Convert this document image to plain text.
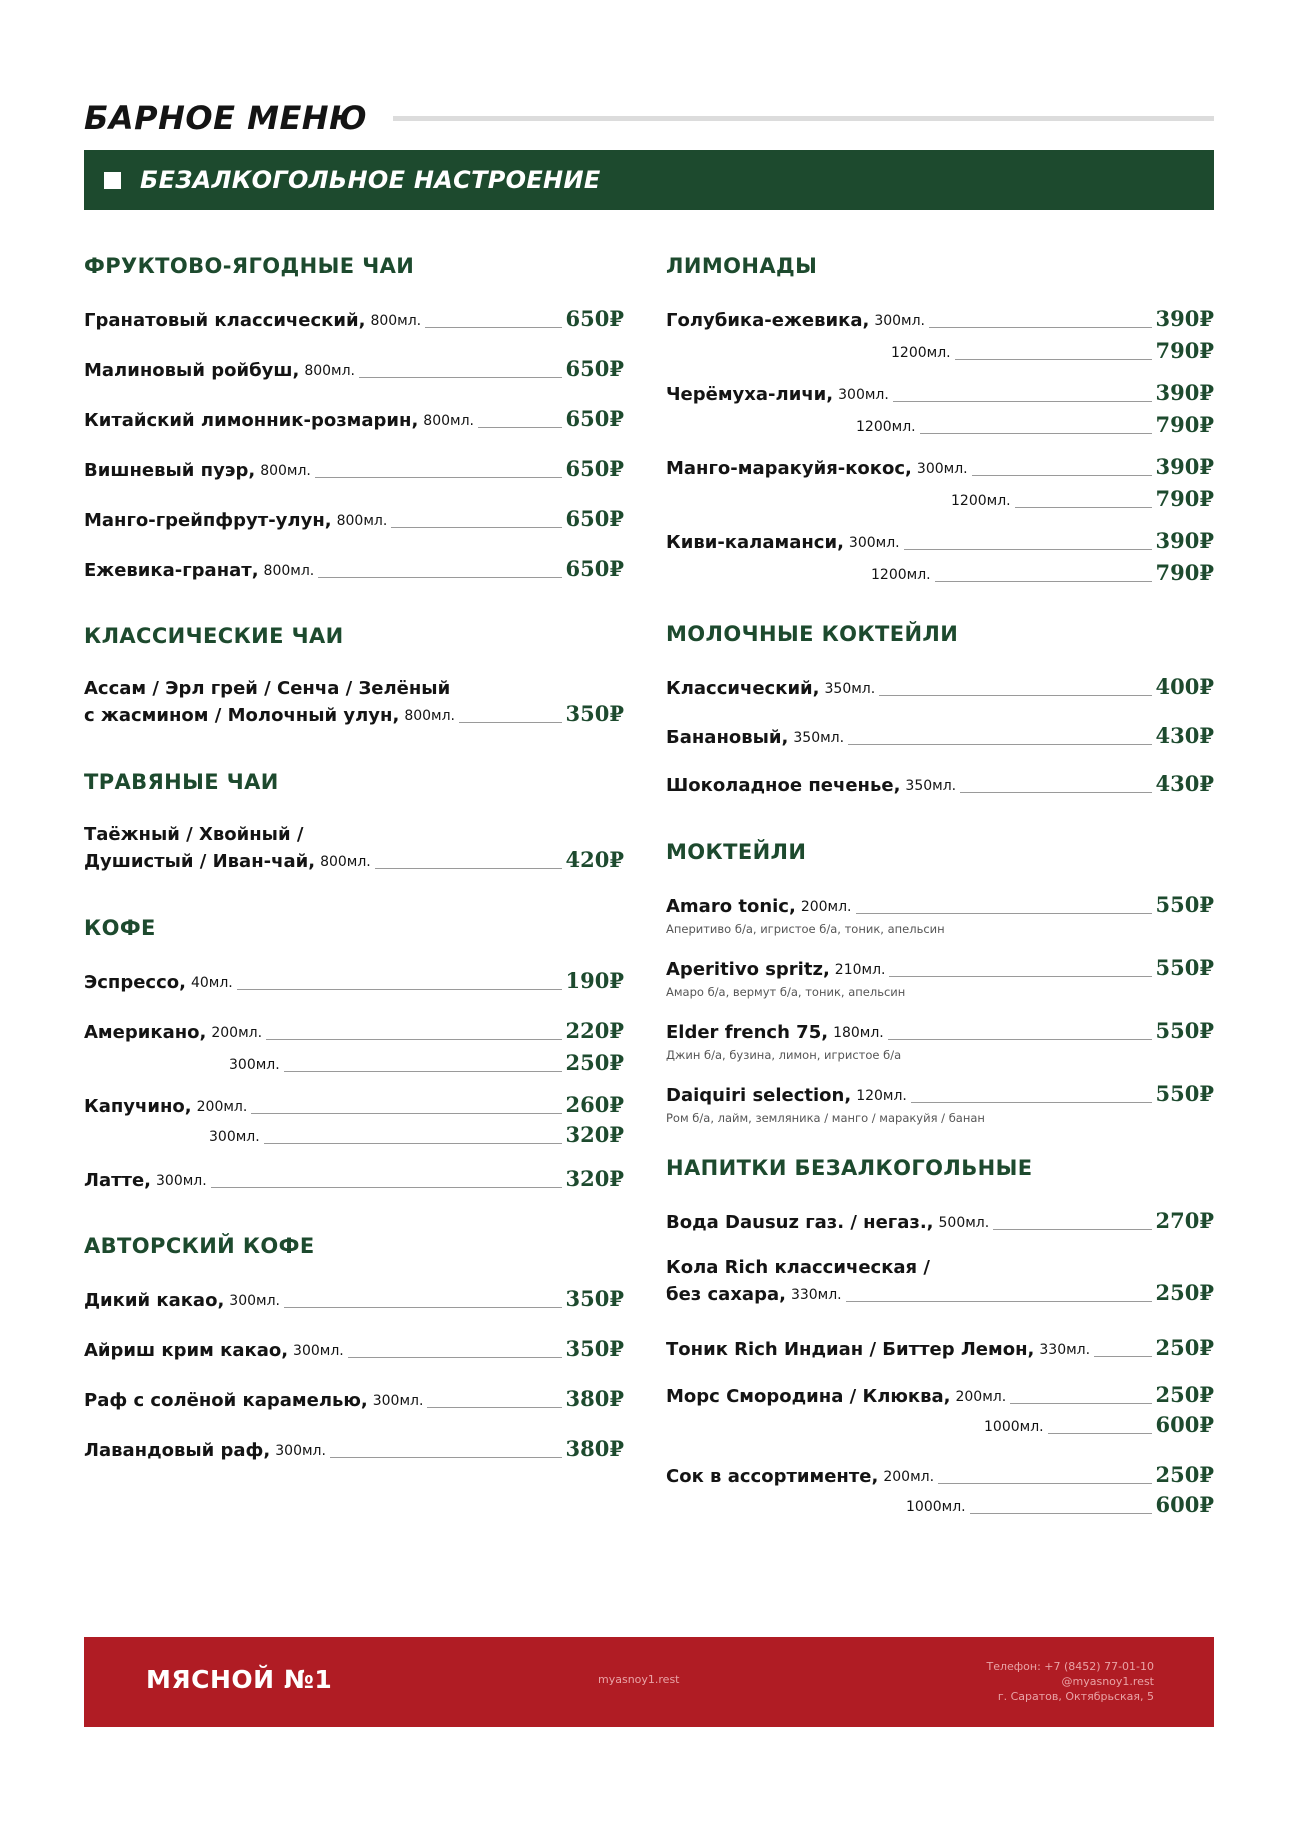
БАРНОЕ МЕНЮ
БЕЗАЛКОГОЛЬНОЕ НАСТРОЕНИЕ
ФРУКТОВО-ЯГОДНЫЕ ЧАИ
Гранатовый классический, 800мл.	650₽
Малиновый ройбуш, 800мл.	650₽
Китайский лимонник-розмарин, 800мл.	650₽
Вишневый пуэр, 800мл.	650₽
Манго-грейпфрут-улун, 800мл.	650₽
Ежевика-гранат, 800мл.	650₽
КЛАССИЧЕСКИЕ ЧАИ
Ассам / Эрл грей / Сенча / Зелёный
с жасмином / Молочный улун, 800мл.	350₽
ТРАВЯНЫЕ ЧАИ
Таёжный / Хвойный /
Душистый / Иван-чай, 800мл.	420₽
КОФЕ
Эспрессо, 40мл.	190₽
Американо, 200мл.	220₽
300мл.	250₽
Капучино, 200мл.	260₽
300мл.	320₽
Латте, 300мл.	320₽
АВТОРСКИЙ КОФЕ
Дикий какао, 300мл.	350₽
Айриш крим какао, 300мл.	350₽
Раф с солёной карамелью, 300мл.	380₽
Лавандовый раф, 300мл.	380₽
ЛИМОНАДЫ
Голубика-ежевика, 300мл.	390₽
1200мл.	790₽
Черёмуха-личи, 300мл.	390₽
1200мл.	790₽
Манго-маракуйя-кокос, 300мл.	390₽
1200мл.	790₽
Киви-каламанси, 300мл.	390₽
1200мл.	790₽
МОЛОЧНЫЕ КОКТЕЙЛИ
Классический, 350мл.	400₽
Банановый, 350мл.	430₽
Шоколадное печенье, 350мл.	430₽
МОКТЕЙЛИ
Amaro tonic, 200мл.	550₽
Аперитиво б/а, игристое б/а, тоник, апельсин
Aperitivo spritz, 210мл.	550₽
Амаро б/а, вермут б/а, тоник, апельсин
Elder french 75, 180мл.	550₽
Джин б/а, бузина, лимон, игристое б/а
Daiquiri selection, 120мл.	550₽
Ром б/а, лайм, земляника / манго / маракуйя / банан
НАПИТКИ БЕЗАЛКОГОЛЬНЫЕ
Вода Dausuz газ. / негаз., 500мл.	270₽
Кола Rich классическая /
без сахара, 330мл.	250₽
Тоник Rich Индиан / Биттер Лемон, 330мл.	250₽
Морс Смородина / Клюква, 200мл.	250₽
1000мл.	600₽
Сок в ассортименте, 200мл.	250₽
1000мл.	600₽
МЯСНОЙ №1	myasnoy1.rest
Телефон: +7 (8452) 77-01-10
@myasnoy1.rest
г. Саратов, Октябрьская, 5
